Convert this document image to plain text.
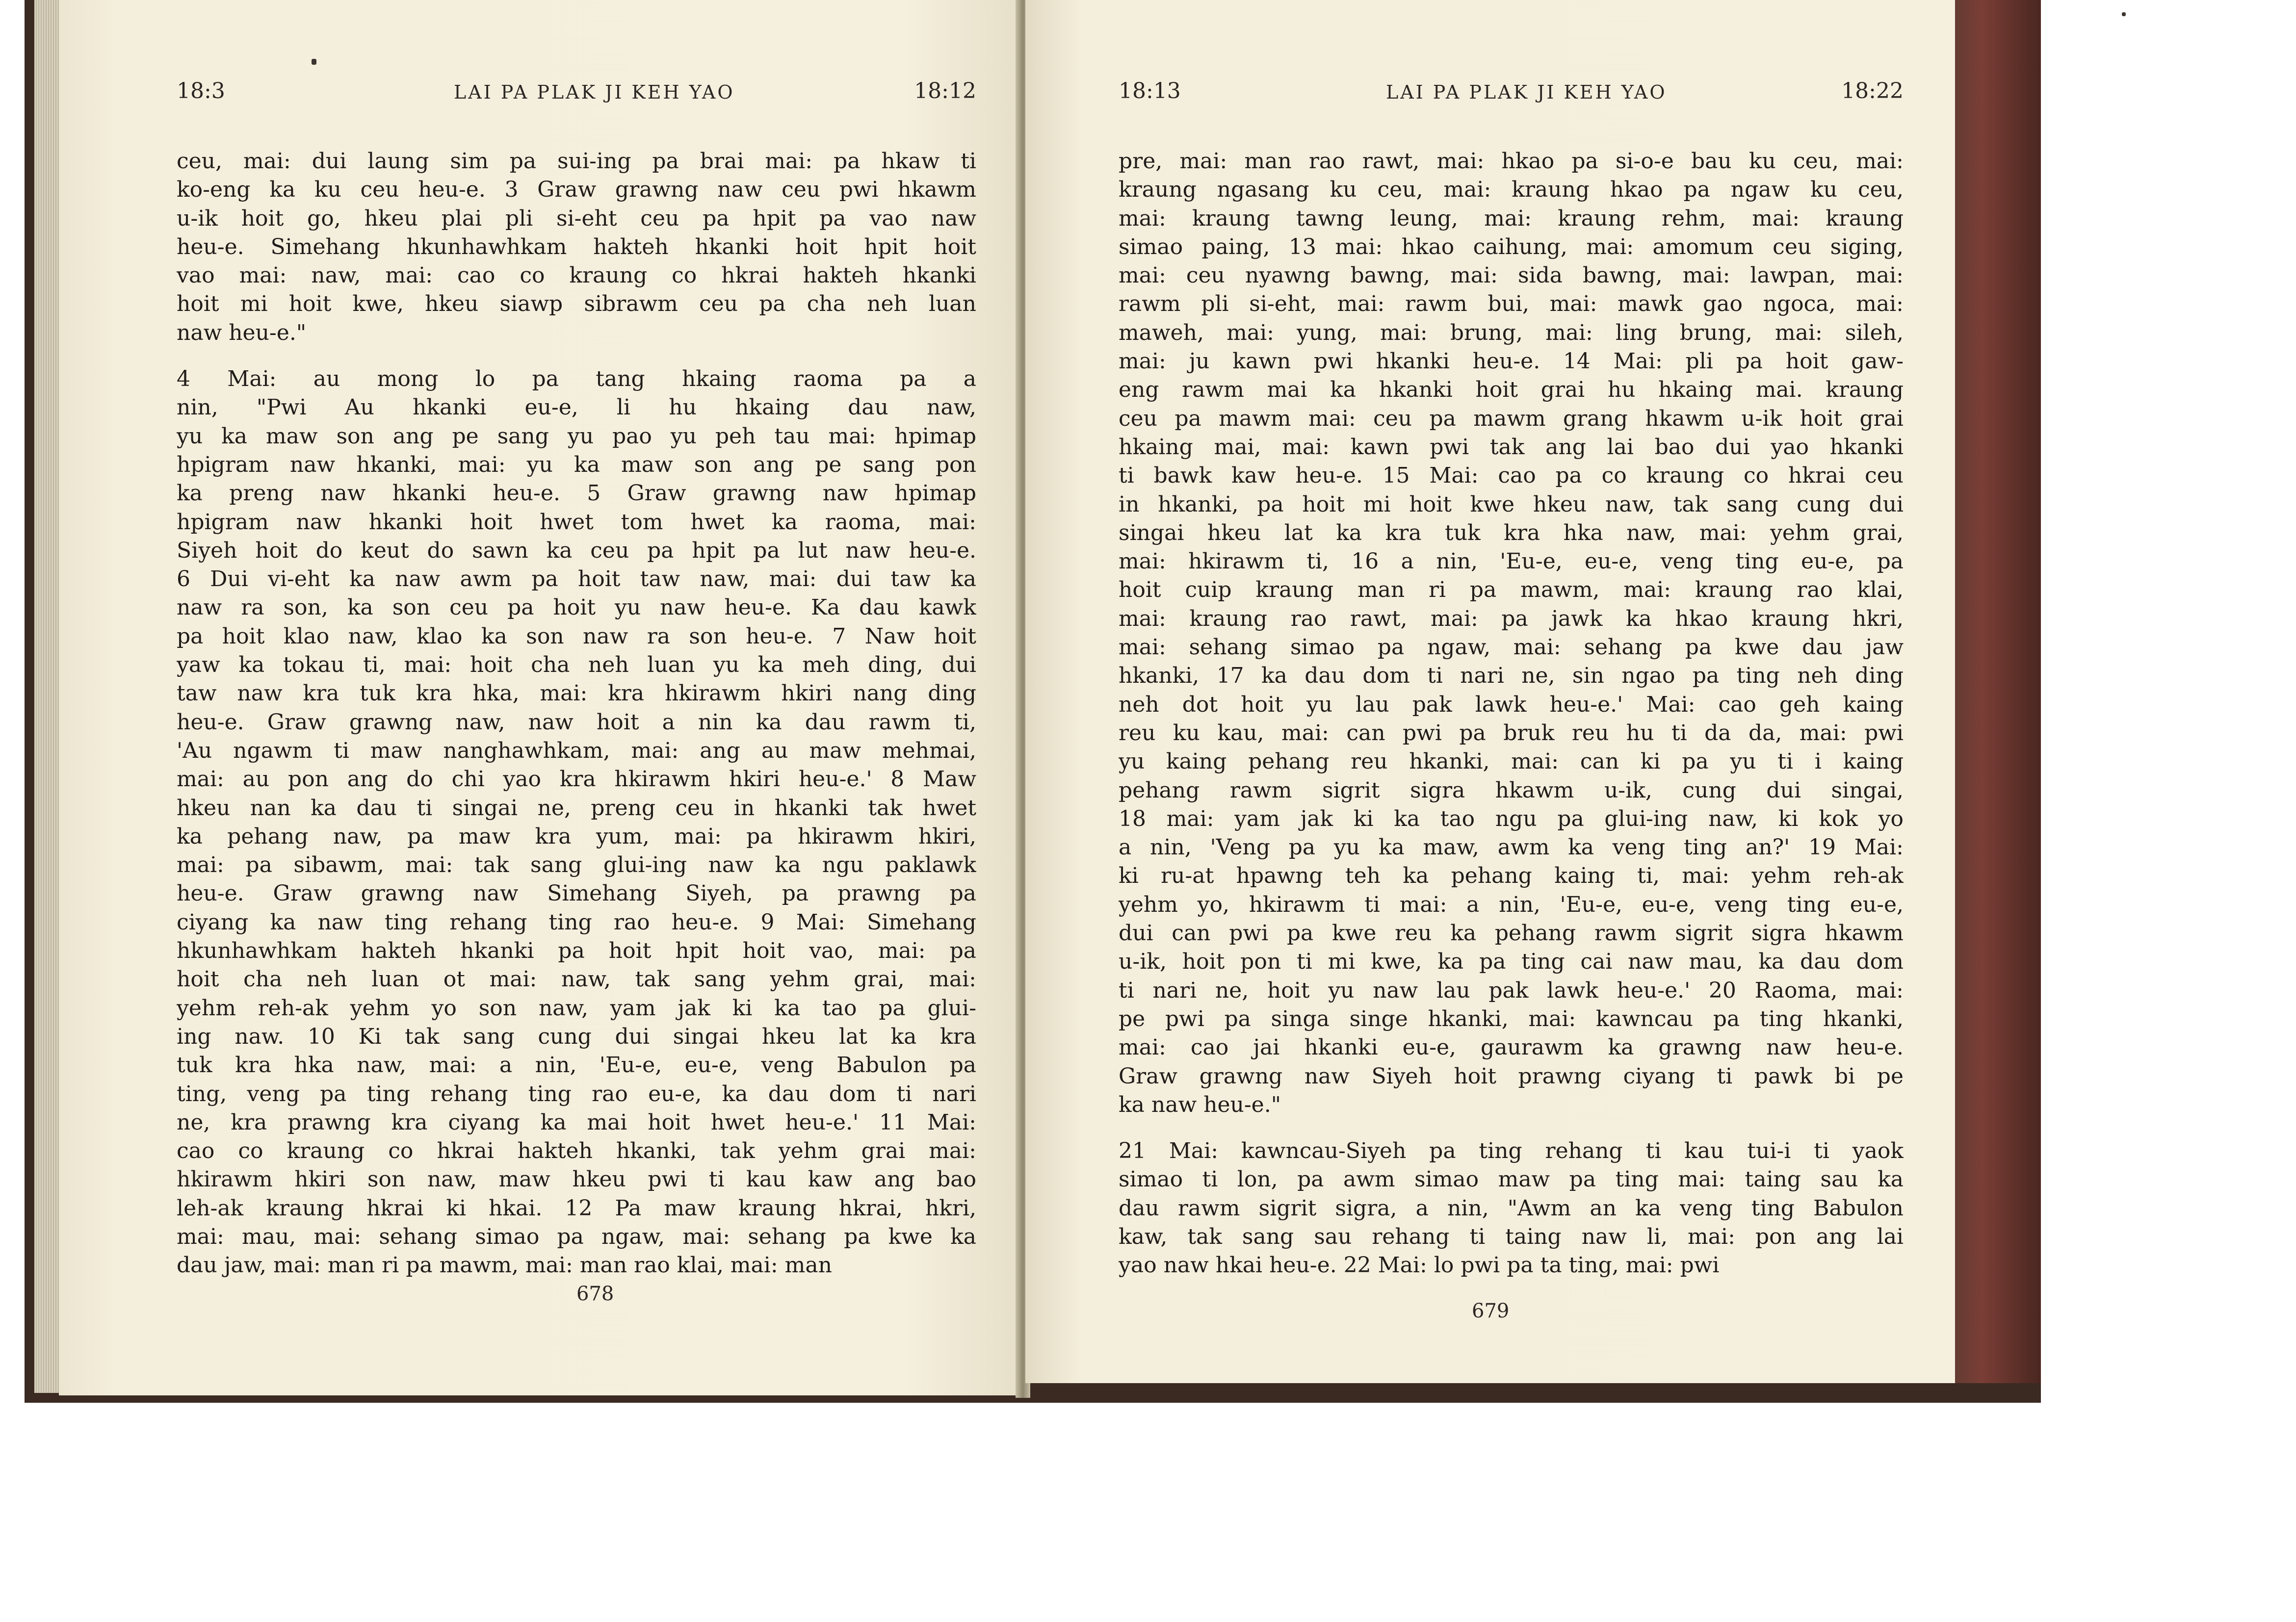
18:3	LAI PA PLAK JI KEH YAO	18:12
ceu, mai: dui laung sim pa sui-ing pa brai mai: pa hkaw ti
ko-eng ka ku ceu heu-e. 3 Graw grawng naw ceu pwi hkawm
u-ik hoit go, hkeu plai pli si-eht ceu pa hpit pa vao naw
heu-e. Simehang hkunhawhkam hakteh hkanki hoit hpit hoit
vao mai: naw, mai: cao co kraung co hkrai hakteh hkanki
hoit mi hoit kwe, hkeu siawp sibrawm ceu pa cha neh luan
naw heu-e."
4 Mai: au mong lo pa tang hkaing raoma pa a
nin, "Pwi Au hkanki eu-e, li hu hkaing dau naw,
yu ka maw son ang pe sang yu pao yu peh tau mai: hpimap
hpigram naw hkanki, mai: yu ka maw son ang pe sang pon
ka preng naw hkanki heu-e. 5 Graw grawng naw hpimap
hpigram naw hkanki hoit hwet tom hwet ka raoma, mai:
Siyeh hoit do keut do sawn ka ceu pa hpit pa lut naw heu-e.
6 Dui vi-eht ka naw awm pa hoit taw naw, mai: dui taw ka
naw ra son, ka son ceu pa hoit yu naw heu-e. Ka dau kawk
pa hoit klao naw, klao ka son naw ra son heu-e. 7 Naw hoit
yaw ka tokau ti, mai: hoit cha neh luan yu ka meh ding, dui
taw naw kra tuk kra hka, mai: kra hkirawm hkiri nang ding
heu-e. Graw grawng naw, naw hoit a nin ka dau rawm ti,
'Au ngawm ti maw nanghawhkam, mai: ang au maw mehmai,
mai: au pon ang do chi yao kra hkirawm hkiri heu-e.' 8 Maw
hkeu nan ka dau ti singai ne, preng ceu in hkanki tak hwet
ka pehang naw, pa maw kra yum, mai: pa hkirawm hkiri,
mai: pa sibawm, mai: tak sang glui-ing naw ka ngu paklawk
heu-e. Graw grawng naw Simehang Siyeh, pa prawng pa
ciyang ka naw ting rehang ting rao heu-e. 9 Mai: Simehang
hkunhawhkam hakteh hkanki pa hoit hpit hoit vao, mai: pa
hoit cha neh luan ot mai: naw, tak sang yehm grai, mai:
yehm reh-ak yehm yo son naw, yam jak ki ka tao pa glui-
ing naw. 10 Ki tak sang cung dui singai hkeu lat ka kra
tuk kra hka naw, mai: a nin, 'Eu-e, eu-e, veng Babulon pa
ting, veng pa ting rehang ting rao eu-e, ka dau dom ti nari
ne, kra prawng kra ciyang ka mai hoit hwet heu-e.' 11 Mai:
cao co kraung co hkrai hakteh hkanki, tak yehm grai mai:
hkirawm hkiri son naw, maw hkeu pwi ti kau kaw ang bao
leh-ak kraung hkrai ki hkai. 12 Pa maw kraung hkrai, hkri,
mai: mau, mai: sehang simao pa ngaw, mai: sehang pa kwe ka
dau jaw, mai: man ri pa mawm, mai: man rao klai, mai: man
678
18:13	LAI PA PLAK JI KEH YAO	18:22
pre, mai: man rao rawt, mai: hkao pa si-o-e bau ku ceu, mai:
kraung ngasang ku ceu, mai: kraung hkao pa ngaw ku ceu,
mai: kraung tawng leung, mai: kraung rehm, mai: kraung
simao paing, 13 mai: hkao caihung, mai: amomum ceu siging,
mai: ceu nyawng bawng, mai: sida bawng, mai: lawpan, mai:
rawm pli si-eht, mai: rawm bui, mai: mawk gao ngoca, mai:
maweh, mai: yung, mai: brung, mai: ling brung, mai: sileh,
mai: ju kawn pwi hkanki heu-e. 14 Mai: pli pa hoit gaw-
eng rawm mai ka hkanki hoit grai hu hkaing mai. kraung
ceu pa mawm mai: ceu pa mawm grang hkawm u-ik hoit grai
hkaing mai, mai: kawn pwi tak ang lai bao dui yao hkanki
ti bawk kaw heu-e. 15 Mai: cao pa co kraung co hkrai ceu
in hkanki, pa hoit mi hoit kwe hkeu naw, tak sang cung dui
singai hkeu lat ka kra tuk kra hka naw, mai: yehm grai,
mai: hkirawm ti, 16 a nin, 'Eu-e, eu-e, veng ting eu-e, pa
hoit cuip kraung man ri pa mawm, mai: kraung rao klai,
mai: kraung rao rawt, mai: pa jawk ka hkao kraung hkri,
mai: sehang simao pa ngaw, mai: sehang pa kwe dau jaw
hkanki, 17 ka dau dom ti nari ne, sin ngao pa ting neh ding
neh dot hoit yu lau pak lawk heu-e.' Mai: cao geh kaing
reu ku kau, mai: can pwi pa bruk reu hu ti da da, mai: pwi
yu kaing pehang reu hkanki, mai: can ki pa yu ti i kaing
pehang rawm sigrit sigra hkawm u-ik, cung dui singai,
18 mai: yam jak ki ka tao ngu pa glui-ing naw, ki kok yo
a nin, 'Veng pa yu ka maw, awm ka veng ting an?' 19 Mai:
ki ru-at hpawng teh ka pehang kaing ti, mai: yehm reh-ak
yehm yo, hkirawm ti mai: a nin, 'Eu-e, eu-e, veng ting eu-e,
dui can pwi pa kwe reu ka pehang rawm sigrit sigra hkawm
u-ik, hoit pon ti mi kwe, ka pa ting cai naw mau, ka dau dom
ti nari ne, hoit yu naw lau pak lawk heu-e.' 20 Raoma, mai:
pe pwi pa singa singe hkanki, mai: kawncau pa ting hkanki,
mai: cao jai hkanki eu-e, gaurawm ka grawng naw heu-e.
Graw grawng naw Siyeh hoit prawng ciyang ti pawk bi pe
ka naw heu-e."
21 Mai: kawncau-Siyeh pa ting rehang ti kau tui-i ti yaok
simao ti lon, pa awm simao maw pa ting mai: taing sau ka
dau rawm sigrit sigra, a nin, "Awm an ka veng ting Babulon
kaw, tak sang sau rehang ti taing naw li, mai: pon ang lai
yao naw hkai heu-e. 22 Mai: lo pwi pa ta ting, mai: pwi
679
